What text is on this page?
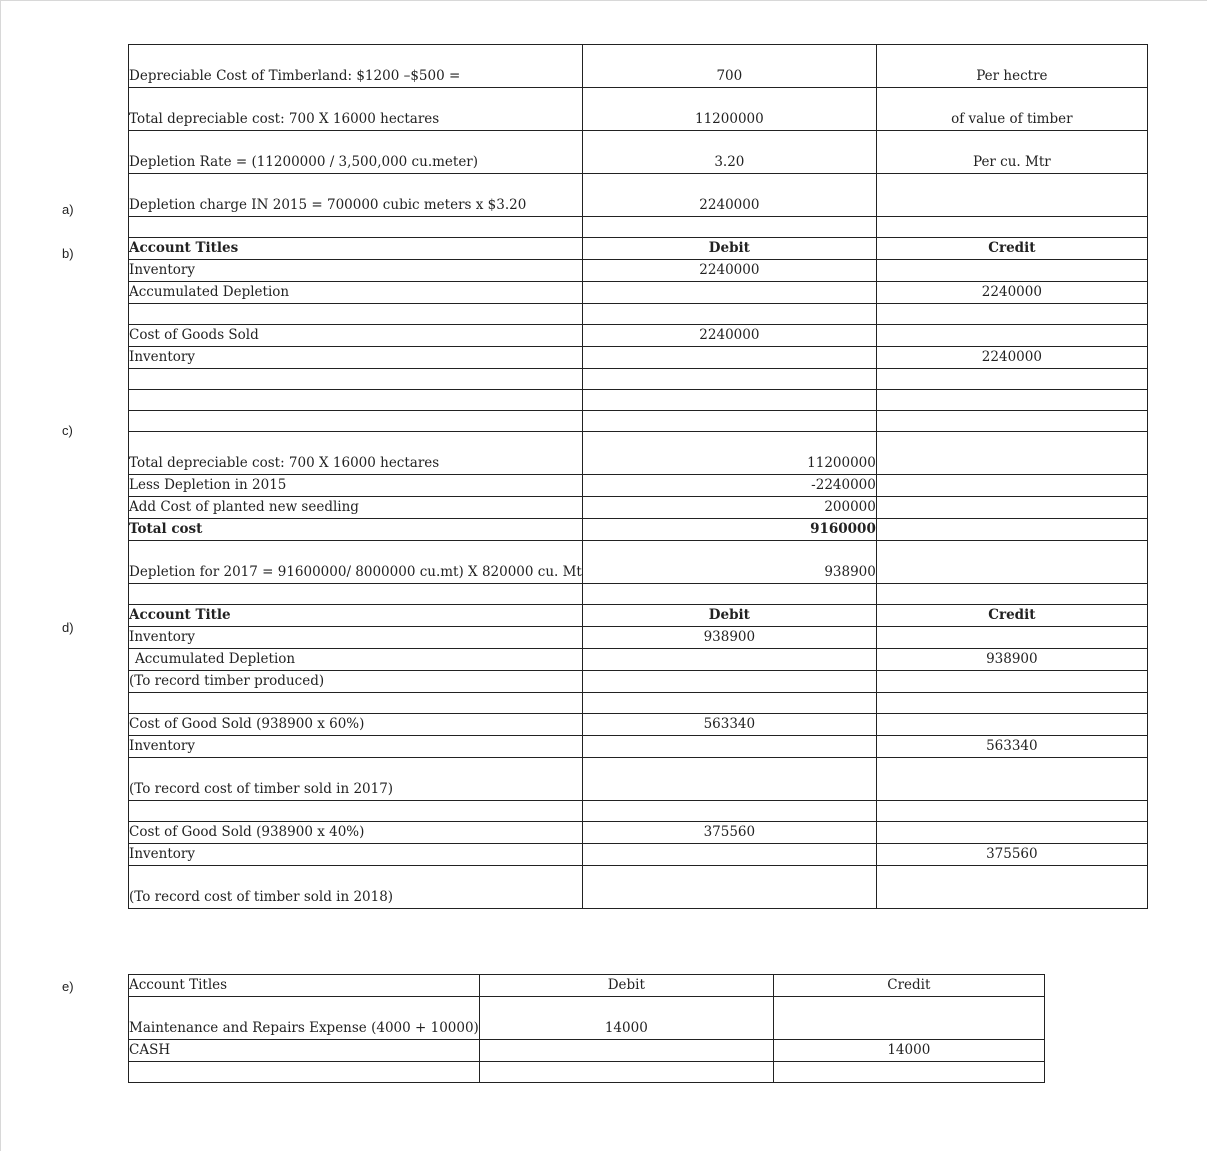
a)
b)
c)
d)
e)
Depreciable Cost of Timberland: $1200 –$500 =	700	Per hectre
Total depreciable cost: 700 X 16000 hectares	11200000	of value of timber
Depletion Rate = (11200000 / 3,500,000 cu.meter)	3.20	Per cu. Mtr
Depletion charge IN 2015 = 700000 cubic meters x $3.20	2240000	

Account Titles	Debit	Credit
Inventory	2240000	
Accumulated Depletion		2240000

Cost of Goods Sold	2240000	
Inventory		2240000

Total depreciable cost: 700 X 16000 hectares	11200000	
Less Depletion in 2015	-2240000	
Add Cost of planted new seedling	200000	
Total cost	9160000	
Depletion for 2017 = 91600000/ 8000000 cu.mt) X 820000 cu. Mt	938900	

Account Title	Debit	Credit
Inventory	938900	
Accumulated Depletion		938900
(To record timber produced)		

Cost of Good Sold (938900 x 60%)	563340	
Inventory		563340
(To record cost of timber sold in 2017)		

Cost of Good Sold (938900 x 40%)	375560	
Inventory		375560
(To record cost of timber sold in 2018)		
Account Titles	Debit	Credit
Maintenance and Repairs Expense (4000 + 10000)	14000	
CASH		14000
